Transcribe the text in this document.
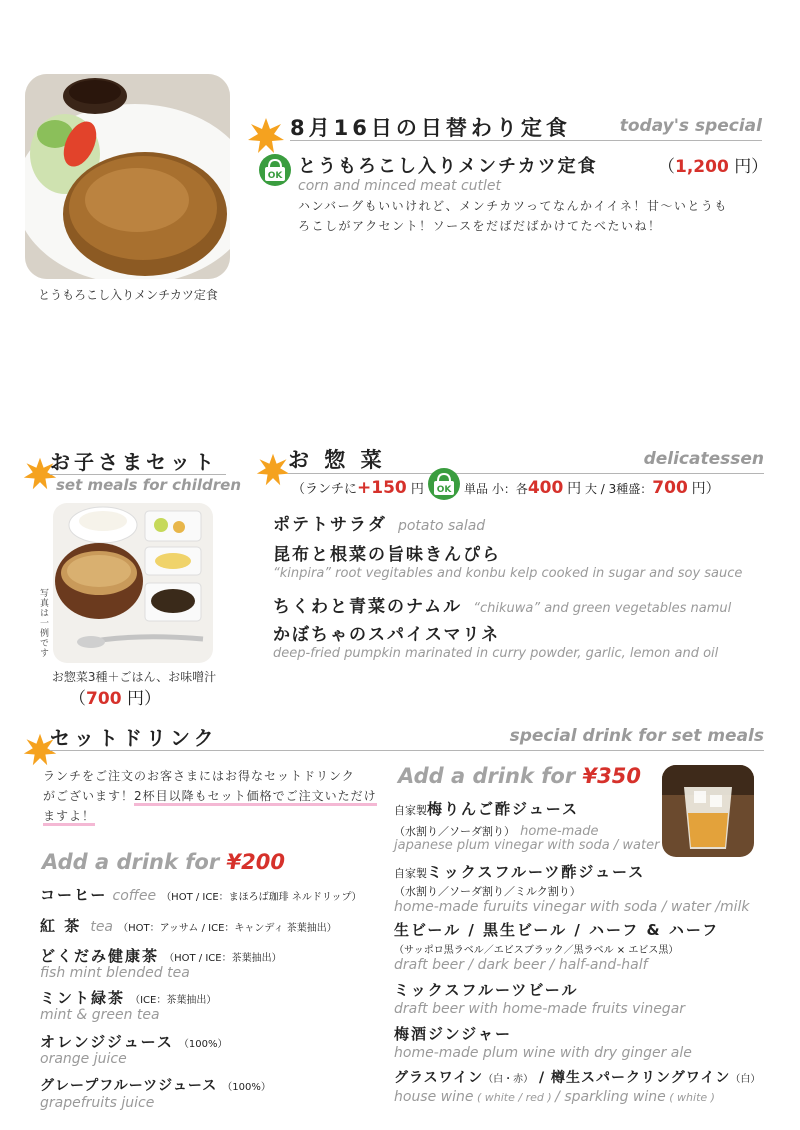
とうもろこし入りメンチカツ定食
8月16日の日替わり定食	today's special
OK とうもろこし入りメンチカツ定食	（1,200 円）
corn and minced meat cutlet
ハンバーグもいいけれど、メンチカツってなんかイイネ！甘〜いとうも
ろこしがアクセント！ソースをだばだばかけてたべたいね！
お子さまセット
set meals for children
写真は一例です
お惣菜3種＋ごはん、お味噌汁
（700 円）
お 惣 菜	delicatessen
（ランチに+150 円 OK 単品 小：各400 円 大 / 3種盛：700 円）
ポテトサラダ potato salad
昆布と根菜の旨味きんぴら
“kinpira” root vegitables and konbu kelp cooked in sugar and soy sauce
ちくわと青菜のナムル “chikuwa” and green vegetables namul
かぼちゃのスパイスマリネ
deep-fried pumpkin marinated in curry powder, garlic, lemon and oil
セットドリンク	special drink for set meals
ランチをご注文のお客さまにはお得なセットドリンク
がございます！2杯目以降もセット価格でご注文いただけ
ますよ！
Add a drink for ¥200
コーヒー coffee （HOT / ICE：まほろば珈琲 ネルドリップ）
紅 茶 tea （HOT：アッサム / ICE：キャンディ 茶葉抽出）
どくだみ健康茶 （HOT / ICE：茶葉抽出）
fish mint blended tea
ミント緑茶 （ICE：茶葉抽出）
mint & green tea
オレンジジュース （100%）
orange juice
グレープフルーツジュース （100%）
grapefruits juice
Add a drink for ¥350
自家製梅りんご酢ジュース
（水割り／ソーダ割り） home-made
japanese plum vinegar with soda / water
自家製ミックスフルーツ酢ジュース
（水割り／ソーダ割り／ミルク割り）
home-made furuits vinegar with soda / water /milk
生ビール / 黒生ビール / ハーフ & ハーフ
（サッポロ黒ラベル／エビスブラック／黒ラベル × エビス黒）
draft beer / dark beer / half-and-half
ミックスフルーツビール
draft beer with home-made fruits vinegar
梅酒ジンジャー
home-made plum wine with dry ginger ale
グラスワイン（白・赤） / 樽生スパークリングワイン（白）
house wine ( white / red ) / sparkling wine ( white )
